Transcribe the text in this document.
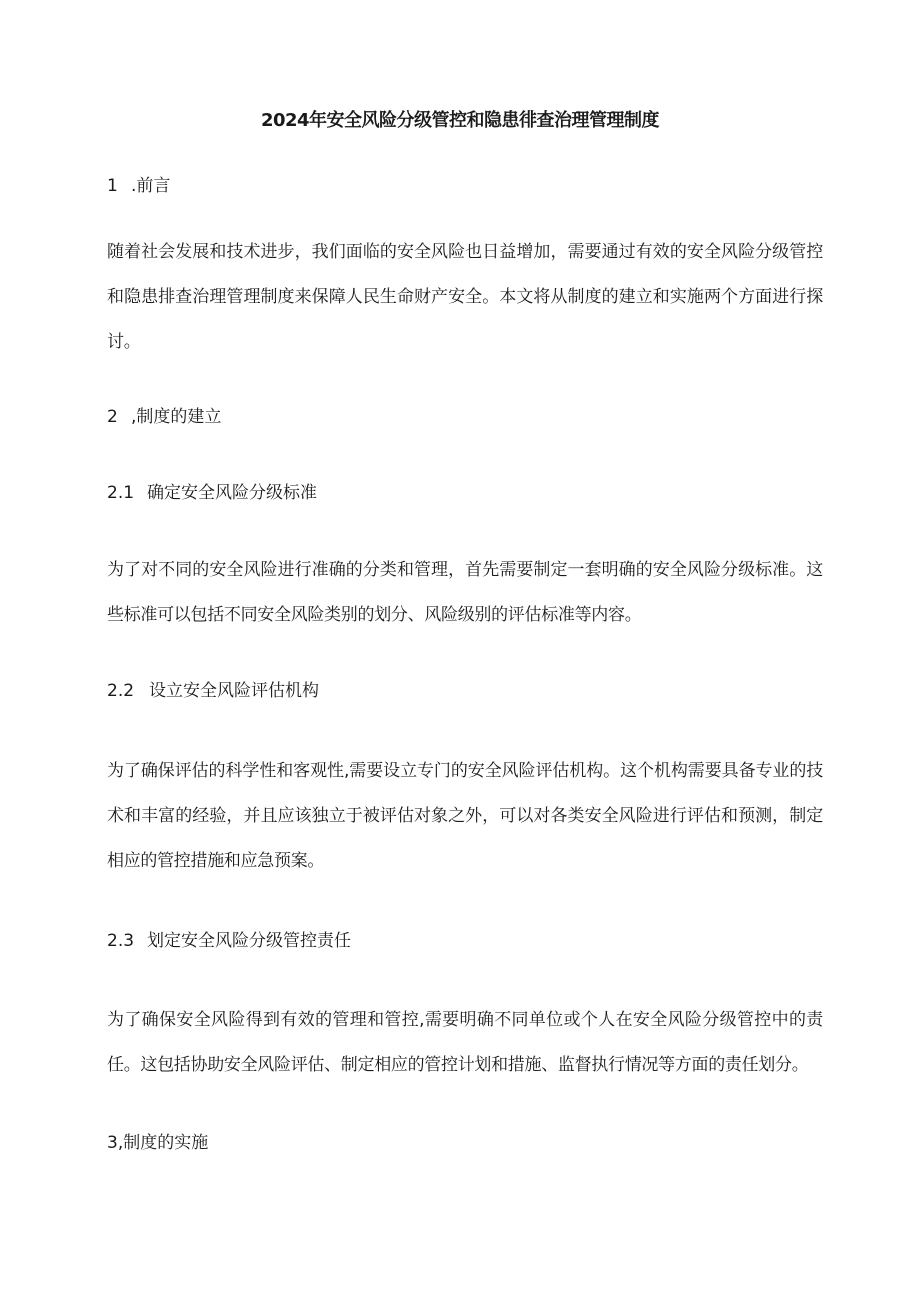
2024年安全风险分级管控和隐患徘查治理管理制度
1 .前言
随着社会发展和技术进步，我们面临的安全风险也日益增加，需要通过有效的安全风险分级管控和隐患排查治理管理制度来保障人民生命财产安全。本文将从制度的建立和实施两个方面进行探讨。
2 ,制度的建立
2.1 确定安全风险分级标准
为了对不同的安全风险进行准确的分类和管理，首先需要制定一套明确的安全风险分级标准。这些标准可以包括不同安全风险类别的划分、风险级别的评估标准等内容。
2.2 设立安全风险评估机构
为了确保评估的科学性和客观性,需要设立专门的安全风险评估机构。这个机构需要具备专业的技术和丰富的经验，并且应该独立于被评估对象之外，可以对各类安全风险进行评估和预测，制定相应的管控措施和应急预案。
2.3 划定安全风险分级管控责任
为了确保安全风险得到有效的管理和管控,需要明确不同单位或个人在安全风险分级管控中的责任。这包括协助安全风险评估、制定相应的管控计划和措施、监督执行情况等方面的责任划分。
3,制度的实施
